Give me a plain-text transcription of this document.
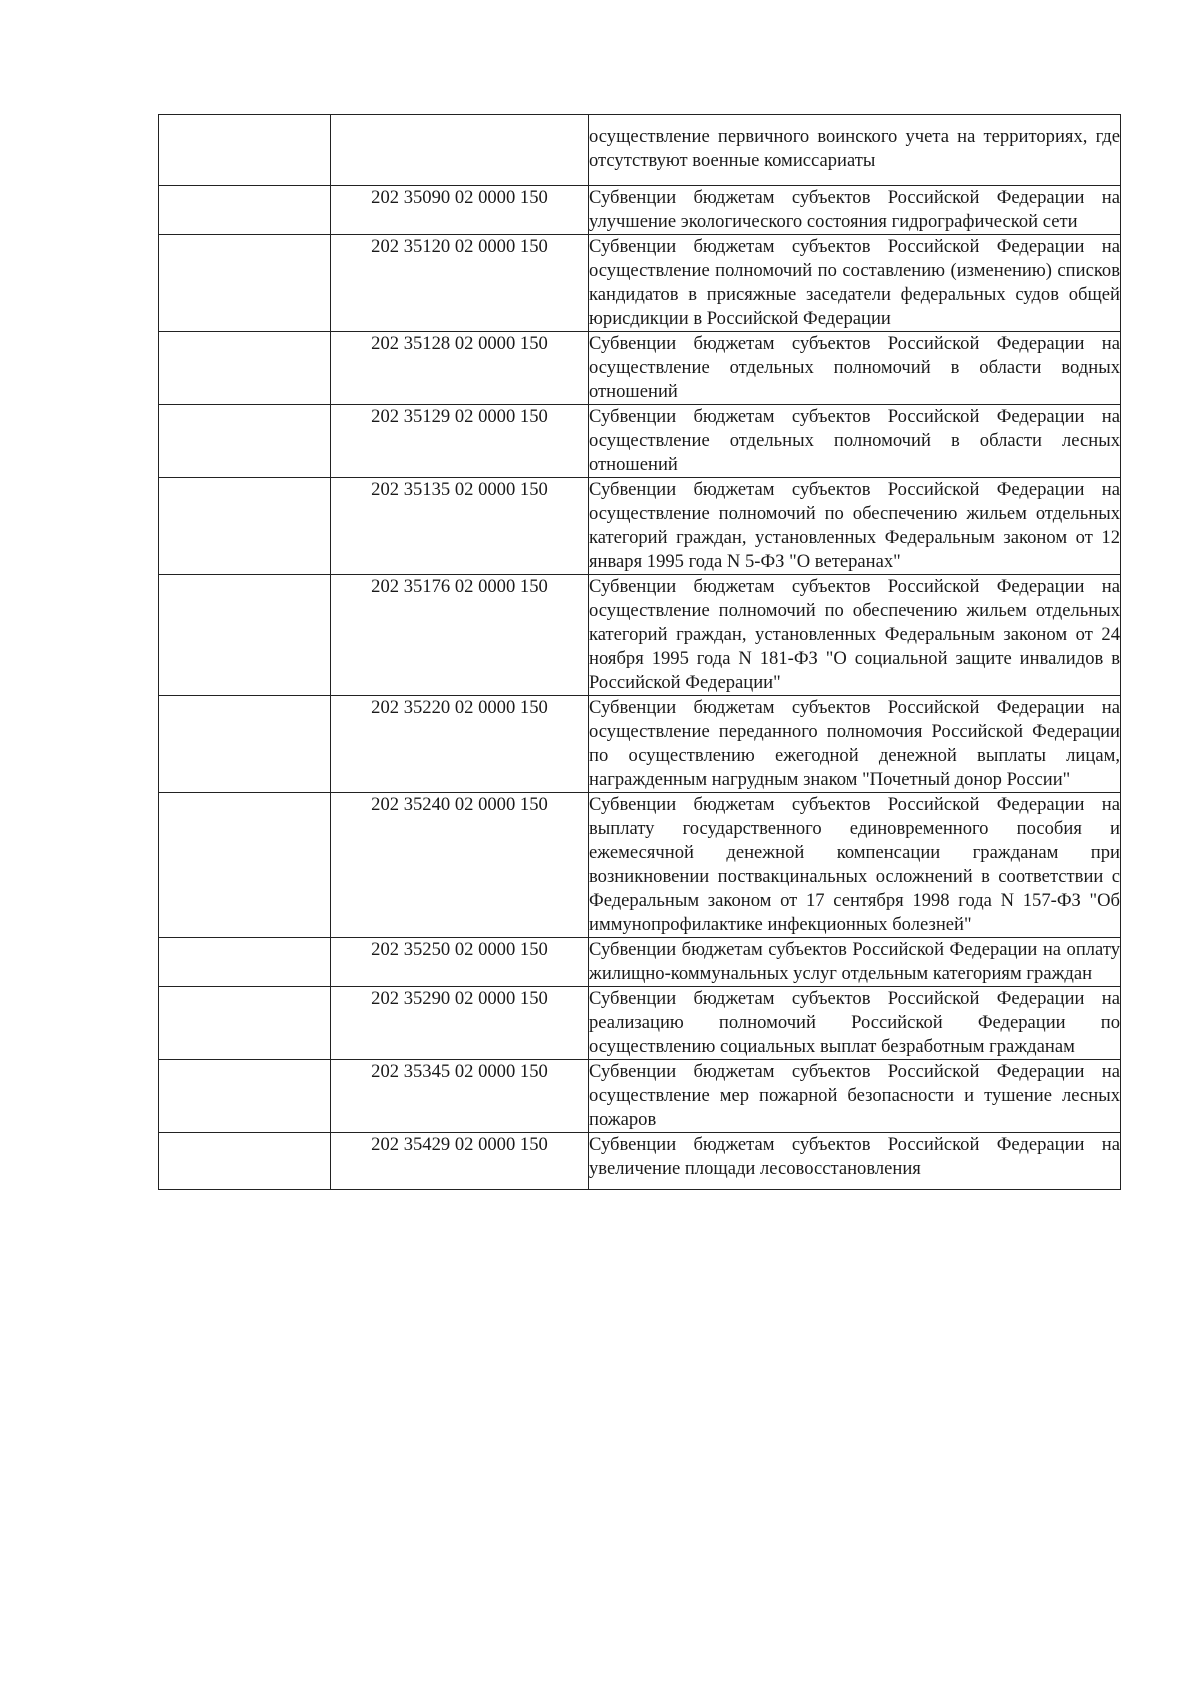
		осуществление первичного воинского учета на территориях, где отсутствуют военные комиссариаты
	202 35090 02 0000 150	Субвенции бюджетам субъектов Российской Федерации на улучшение экологического состояния гидрографической сети
	202 35120 02 0000 150	Субвенции бюджетам субъектов Российской Федерации на осуществление полномочий по составлению (изменению) списков кандидатов в присяжные заседатели федеральных судов общей юрисдикции в Российской Федерации
	202 35128 02 0000 150	Субвенции бюджетам субъектов Российской Федерации на осуществление отдельных полномочий в области водных отношений
	202 35129 02 0000 150	Субвенции бюджетам субъектов Российской Федерации на осуществление отдельных полномочий в области лесных отношений
	202 35135 02 0000 150	Субвенции бюджетам субъектов Российской Федерации на осуществление полномочий по обеспечению жильем отдельных категорий граждан, установленных Федеральным законом от 12 января 1995 года N 5-ФЗ "О ветеранах"
	202 35176 02 0000 150	Субвенции бюджетам субъектов Российской Федерации на осуществление полномочий по обеспечению жильем отдельных категорий граждан, установленных Федеральным законом от 24 ноября 1995 года N 181-ФЗ "О социальной защите инвалидов в Российской Федерации"
	202 35220 02 0000 150	Субвенции бюджетам субъектов Российской Федерации на осуществление переданного полномочия Российской Федерации по осуществлению ежегодной денежной выплаты лицам, награжденным нагрудным знаком "Почетный донор России"
	202 35240 02 0000 150	Субвенции бюджетам субъектов Российской Федерации на выплату государственного единовременного пособия и ежемесячной денежной компенсации гражданам при возникновении поствакцинальных осложнений в соответствии с Федеральным законом от 17 сентября 1998 года N 157-ФЗ "Об иммунопрофилактике инфекционных болезней"
	202 35250 02 0000 150	Субвенции бюджетам субъектов Российской Федерации на оплату жилищно-коммунальных услуг отдельным категориям граждан
	202 35290 02 0000 150	Субвенции бюджетам субъектов Российской Федерации на реализацию полномочий Российской Федерации по осуществлению социальных выплат безработным гражданам
	202 35345 02 0000 150	Субвенции бюджетам субъектов Российской Федерации на осуществление мер пожарной безопасности и тушение лесных пожаров
	202 35429 02 0000 150	Субвенции бюджетам субъектов Российской Федерации на увеличение площади лесовосстановления
